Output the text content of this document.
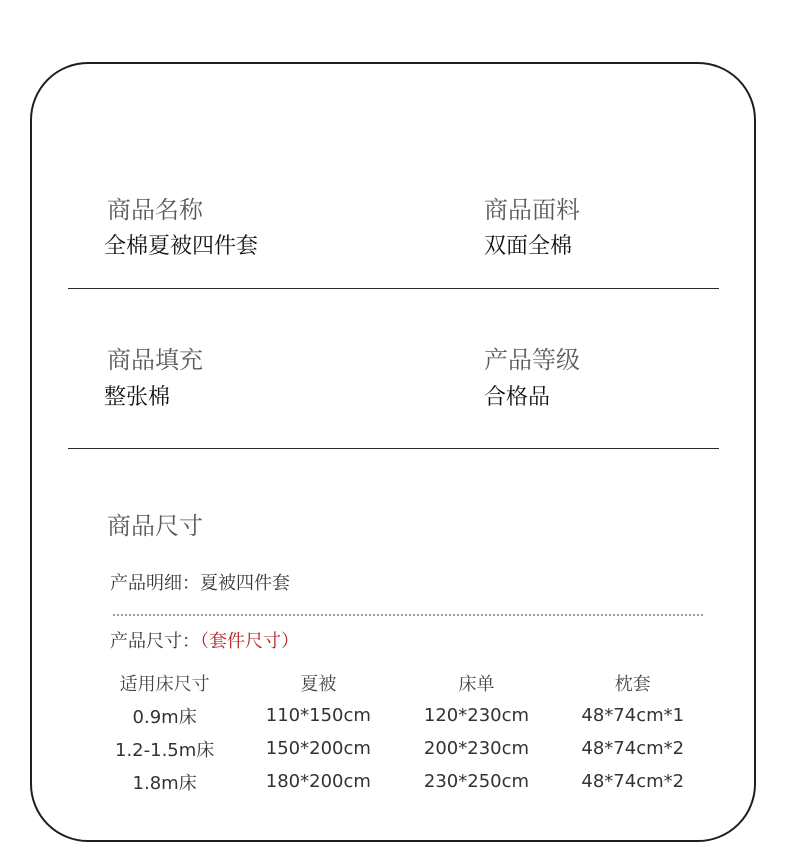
商品名称
全棉夏被四件套
商品面料
双面全棉
商品填充
整张棉
产品等级
合格品
商品尺寸
产品明细：夏被四件套
产品尺寸：（套件尺寸）
适用床尺寸	夏被	床单	枕套
0.9m床	110*150cm	120*230cm	48*74cm*1
1.2-1.5m床	150*200cm	200*230cm	48*74cm*2
1.8m床	180*200cm	230*250cm	48*74cm*2
